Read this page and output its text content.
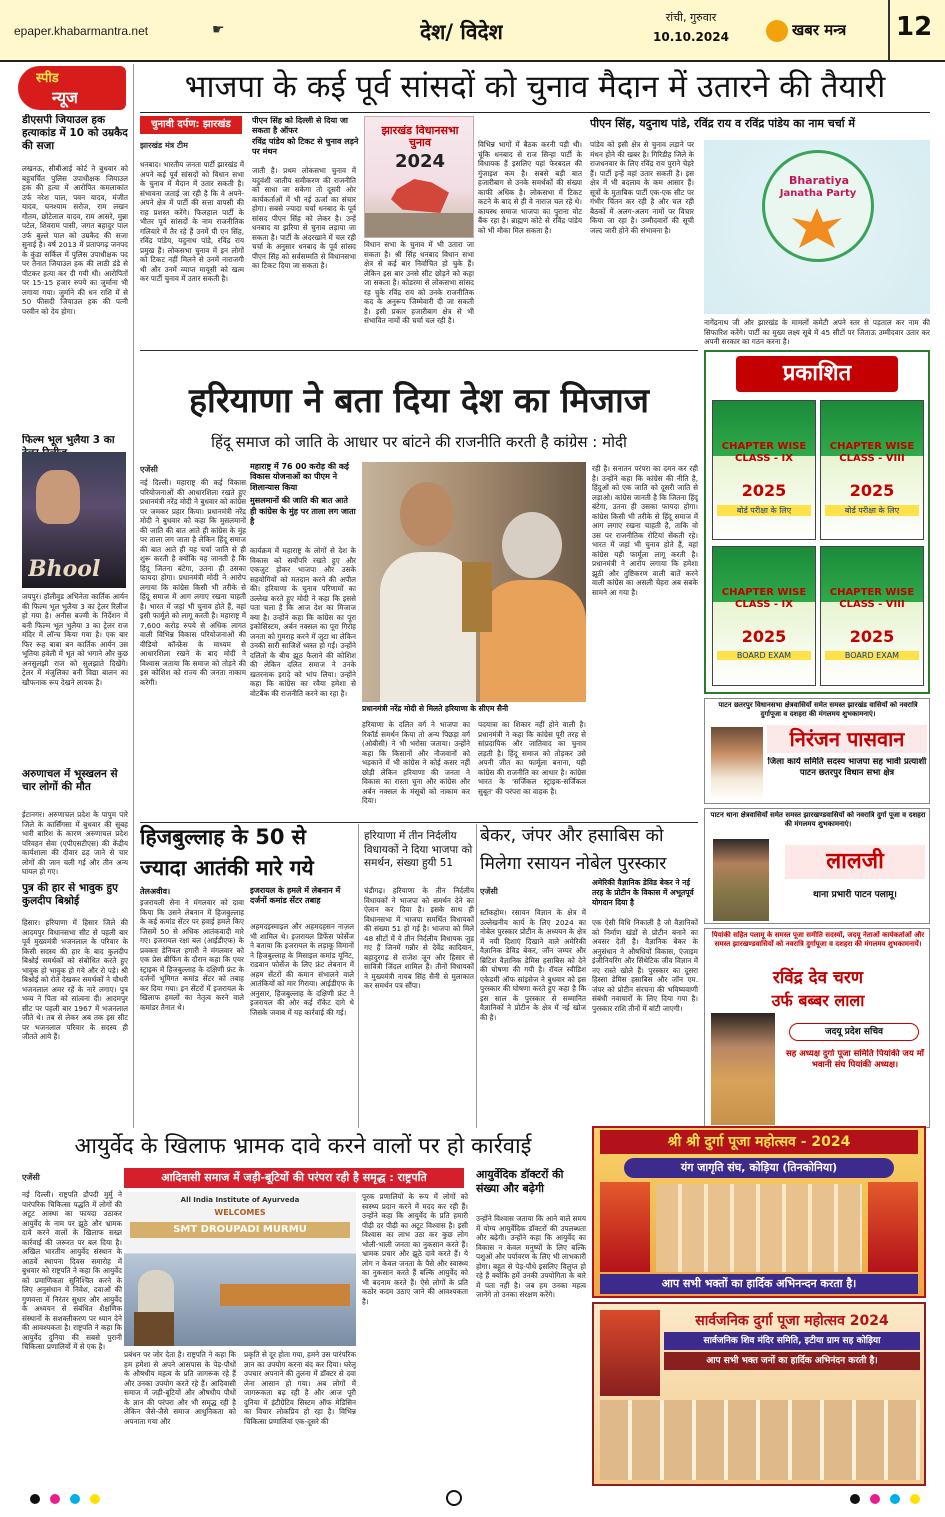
epaper.khabarmantra.net	☛	देश/ विदेश
रांची, गुरुवार
10.10.2024	खबर मन्त्र 12
स्पीड
न्यूज
डीएसपी जियाउल हक हत्याकांड में 10 को उम्रकैद की सजा
लखनऊ, सीबीआई कोर्ट ने बुधवार को बहुचर्चित पुलिस उपाधीक्षक जियाउल हक की हत्या में आरोपित कमलाकांत उर्फ नरेश पाल, पवन यादव, मंजीत यादव, घनश्याम सरोज, राम लखन गौतम, छोटेलाल यादव, राम आसरे, मुन्ना पटेल, शिवराम पासी, जगत बहादुर पाल उर्फ बुल्ले पाल को उम्रकैद की सजा सुनाई है। वर्ष 2013 में प्रतापगढ़ जनपद के कुंडा सर्किल में पुलिस उपाधीक्षक पद पर तैनात जियाउल हक की लाठी डंडे से पीटकर हत्या कर दी गयी थी। आरोपितों पर 15-15 हजार रुपये का जुर्माना भी लगाया गया। जुर्माने की धन राशि में से 50 फीसदी जियाउल हक की पत्नी परवीन को देय होगा।
फिल्म भूल भुलैया 3 का
Bhool
जयपुर। हॉलीवुड अभिनेता कार्तिक आर्यन की फिल्म भूल भुलैया 3 का ट्रेलर रिलीज हो गया है। अनीस बज्मी के निर्देशन में बनी फिल्म भूल भुलैया 3 का ट्रेलर राज मंदिर में लॉन्च किया गया है। एक बार फिर रूह बाबा बन कार्तिक आर्यन उस भूतिया हवेली में भूत को भगाने और कुछ अनसुलझी राज को सुलझाते दिखेंगे। ट्रेलर में मंजुलिका बनी विद्या बालन का खौफनाक रूप देखने लायक है।
अरुणाचल में भूस्खलन से चार लोगों की मौत
ईटानगर। अरुणाचल प्रदेश के पापुम पारे जिले के कार्सिंगसा में बुधवार की सुबह भारी बारिश के कारण अरुणाचल प्रदेश परिवहन सेवा (एपीएसटीएस) की केंद्रीय कार्यशाला की दीवार ढह जाने से चार लोगों की जान चली गई और तीन अन्य घायल हो गए।
पुत्र की हार से भावुक हुए कुलदीप बिश्नोई
हिसार। हरियाणा में हिसार जिले की आदमपुर विधानसभा सीट से पहली बार पूर्व मुख्यमंत्री भजनलाल के परिवार के किसी सदस्य की हार के बाद कुलदीप बिश्नोई समर्थकों को संबोधित करते हुए भावुक हो भावुक हो गये और रो पड़े। श्री बिश्नोई को रोते देखकर समर्थकों ने चौधरी भजनलाल अमर रहें के नारे लगाए। पुत्र भव्य ने पिता को सांत्वना दी। आदमपुर सीट पर पहली बार 1967 में भजनलाल जीते थे। तब से लेकर अब तक इस सीट पर भजनलाल परिवार के सदस्य ही जीतते आये हैं।
भाजपा के कई पूर्व सांसदों को चुनाव मैदान में उतारने की तैयारी
चुनावी दर्पण: झारखंड	पीएन सिंह को दिल्ली से दिया जा सकता है ऑफर
रविंद्र पांडेय को टिकट से चुनाव लड़ने पर मंथन
झारखंड मंत्र टीम
धनबाद। भारतीय जनता पार्टी झारखंड में अपने कई पूर्व सांसदों को विधान सभा के चुनाव में मैदान में उतार सकती है। संभावना जताई जा रही है कि वे अपने-अपने क्षेत्र में पार्टी की सत्ता वापसी की राह प्रशस्त करेंगे। फिलहाल पार्टी के भीतर पूर्व सांसदों के नाम राजनीतिक गलियारे में तैर रहे हैं उनमें पी एन सिंह, रविंद्र पांडेय, यदुनाथ पांडे, रविंद्र राय प्रमुख हैं। लोकसभा चुनाव में इन लोगों को टिकट नहीं मिलने से उनमें नाराजगी थी और उनमें व्याप्त मायूसी को खत्म कर पार्टी चुनाव में उतार सकती है।
जाती है। प्रथम लोकसभा चुनाव में यदुवंशी जातीय समीकरण की राजनीति को साधा जा सकेगा तो दूसरी ओर कार्यकर्ताओं में भी नई ऊर्जा का संचार होगा। सबसे ज्यादा चर्चा धनबाद के पूर्व सांसद पीएन सिंह को लेकर है। उन्हें धनबाद या झरिया से चुनाव लड़ाया जा सकता है। पार्टी के अंदरखाने में चल रही चर्चा के अनुसार धनबाद के पूर्व सांसद पीएन सिंह को सर्वसम्मति से विधानसभा का टिकट दिया जा सकता है।
झारखंड विधानसभा चुनाव
2024
विधान सभा के चुनाव में भी उतारा जा सकता है। श्री सिंह धनबाद विधान सभा क्षेत्र से कई बार निर्वाचित हो चुके हैं। लेकिन इस बार उनसे सीट छोड़ने को कहा जा सकता है। कोडरमा से लोकसभा सांसद रह चुके रविंद्र राय को उनके राजनीतिक कद के अनुरूप जिम्मेवारी दी जा सकती है। इसी प्रकार हजारीबाग क्षेत्र से भी संभावित नामों की चर्चा चल रही है।
विभिन्न भागों में बैठक करनी पड़ी थी। चूंकि धनबाद से राज सिन्हा पार्टी के विधायक हैं इसलिए यहां फेरबदल की गुंजाइश कम है। सबसे बड़ी बात हजारीबाग से उनके समर्थकों की संख्या काफी अधिक है। लोकसभा में टिकट कटने के बाद से ही वे नाराज चल रहे थे। कायस्थ समाज भाजपा का पुराना वोट बैंक रहा है। ब्राह्मण कोटे से रविंद्र पांडेय को भी मौका मिल सकता है।
पांडेय को इसी क्षेत्र से चुनाव लड़ाने पर मंथन होने की खबर है। गिरिडीह जिले के राजधनवार के लिए रविंद्र राय पुराने चेहरे हैं। पार्टी इन्हें वहां उतार सकती है। इस क्षेत्र में भी बदलाव के कम आसार हैं। सूत्रों के मुताबिक पार्टी एक-एक सीट पर गंभीर चिंतन कर रही है और चल रही बैठकों में अलग-अलग नामों पर विचार किया जा रहा है। उम्मीदवारों की सूची जल्द जारी होने की संभावना है।
पीएन सिंह, यदुनाथ पांडे, रविंद्र राय व रविंद्र पांडेय का नाम चर्चा में
Bharatiya
Janatha Party
नागेंद्रनाथ जी और झारखंड के मामलों कमेटी अपने स्तर से पड़ताल कर नाम की सिफारिश करेंगे। पार्टी का मुख्य लक्ष्य सूबे में 45 सीटों पर जिताऊ उम्मीदवार उतार कर अपनी सरकार का गठन करना है।
हरियाणा ने बता दिया देश का मिजाज
हिंदू समाज को जाति के आधार पर बांटने की राजनीति करती है कांग्रेस : मोदी
एजेंसी
नई दिल्ली। महाराष्ट्र की कई विकास परियोजनाओं की आधारशिला रखते हुए प्रधानमंत्री नरेंद्र मोदी ने बुधवार को कांग्रेस पर जमकर प्रहार किया। प्रधानमंत्री नरेंद्र मोदी ने बुधवार को कहा कि मुसलमानों की जाति की बात आते ही कांग्रेस के मुंह पर ताला लग जाता है लेकिन हिंदू समाज की बात आते ही यह चर्चा जाति से ही शुरू करती है क्योंकि यह जानती है कि हिंदू जितना बंटेगा, उतना ही उसका फायदा होगा। प्रधानमंत्री मोदी ने आरोप लगाया कि कांग्रेस किसी भी तरीके से हिंदू समाज में आग लगाए रखना चाहती है। भारत में जहां भी चुनाव होते हैं, वहां इसी फार्मूले को लागू करती है। महाराष्ट्र में 7,600 करोड़ रुपये से अधिक लागत वाली विभिन्न विकास परियोजनाओं की वीडियो कॉन्फ्रेंस के माध्यम से आधारशिला रखने के बाद मोदी ने विश्वास जताया कि समाज को तोड़ने की इस कोशिश को राज्य की जनता नाकाम करेगी।
महाराष्ट्र में 76 00 करोड़ की कई विकास योजनाओं का पीएम ने शिलान्यास किया
मुसलमानों की जाति की बात आते ही कांग्रेस के मुंह पर ताला लग जाता है
कार्यक्रम में महाराष्ट्र के लोगों से देश के विकास को सर्वोपरि रखते हुए और एकजुट होकर भाजपा और उसके सहयोगियों को मतदान करने की अपील की। हरियाणा के चुनाव परिणामों का उल्लेख करते हुए मोदी ने कहा कि इससे पता चला है कि आज देश का मिजाज क्या है। उन्होंने कहा कि कांग्रेस का पूरा इकोसिस्टम, अर्बन नक्सल का पूरा गिरोह जनता को गुमराह करने में जुटा था लेकिन उनकी सारी साजिशें ध्वस्त हो गईं। उन्होंने दलितों के बीच झूठ फैलाने की कोशिश की लेकिन दलित समाज ने उनके खतरनाक इरादे को भांप लिया। उन्होंने कहा कि कांग्रेस का रवैया हमेशा से वोटबैंक की राजनीति करने का रहा है।
प्रधानमंत्री नरेंद्र मोदी से मिलते हरियाणा के सीएम सैनी
हरियाणा के दलित वर्ग ने भाजपा का रिकॉर्ड समर्थन किया तो अन्य पिछड़ा वर्ग (ओबीसी) ने भी भरोसा जताया। उन्होंने कहा कि किसानों और नौजवानों को भड़काने में भी कांग्रेस ने कोई कसर नहीं छोड़ी लेकिन हरियाणा की जनता ने विकास का रास्ता चुना और कांग्रेस और अर्बन नक्सल के मंसूबों को नाकाम कर दिया।
पदयात्रा का शिकार नहीं होने वाली है। प्रधानमंत्री ने कहा कि कांग्रेस पूरी तरह से सांप्रदायिक और जातिवाद का चुनाव लड़ती है। हिंदू समाज को तोड़कर उसे अपनी जीत का फार्मूला बनाना, यही कांग्रेस की राजनीति का आधार है। कांग्रेस भारत के 'सर्जिकल स्ट्राइक-सर्जिकल सुबूत' की परंपरा का वाहक है।
रही है। सनातन परंपरा का दमन कर रही है। उन्होंने कहा कि कांग्रेस की नीति है, हिंदुओं को एक जाति को दूसरी जाति से लड़ाओ। कांग्रेस जानती है कि जितना हिंदू बंटेगा, उतना ही उसका फायदा होगा। कांग्रेस किसी भी तरीके से हिंदू समाज में आग लगाए रखना चाहती है, ताकि वो उस पर राजनीतिक रोटियां सेंकती रहे। भारत में जहां भी चुनाव होते हैं, वहां कांग्रेस यही फार्मूला लागू करती है। प्रधानमंत्री ने आरोप लगाया कि हमेशा झूठी और तुष्टिकरण वाली बातें करने वाली कांग्रेस का असली चेहरा अब सबके सामने आ गया है।
प्रकाशित
CHAPTER WISE CLASS - IX
2025
बोर्ड परीक्षा के लिए
CHAPTER WISE CLASS - VIII
2025
बोर्ड परीक्षा के लिए
CHAPTER WISE CLASS - IX
2025
BOARD EXAM
CHAPTER WISE CLASS - VIII
2025
BOARD EXAM
पाटन छतरपुर विधानसभा क्षेत्रवासियों समेत समस्त झारखंड वासियों को नवरात्रि दुर्गापूजा व दशहरा की मंगलमय शुभकामनाएं।
निरंजन पासवान
जिला कार्य समिति सदस्य भाजपा सह भावी प्रत्याशी पाटन छतरपुर विधान सभा क्षेत्र
पाटन थाना क्षेत्रवासियों समेत समस्त झारखण्डवासियों को नवरात्रि दुर्गा पूजा व दशहरा की मंगलमय शुभकामनाएं।
लालजी
थाना प्रभारी पाटन पलामू।
पियांकी सहित पलामू के समस्त पूजा समीति सदस्यों, जदयू नेताओं कार्यकर्ताओं और समस्त झारखण्डवासियों को नवरात्रि दुर्गापूजा व दशहरा की मंगलमय शुभकामनायें।
रविंद्र देव चरण
उर्फ बब्बर लाला
जदयू प्रदेश सचिव
सह अध्यक्ष दुर्गा पूजा समिति पियांकी जय माँ भवानी संघ पियांकी अध्यक्ष।
हिजबुल्लाह के 50 से
ज्यादा आतंकी मारे गये
तेलअवीव।
इजरायली सेना ने मंगलवार को दावा किया कि उसने लेबनान में हिजबुल्लाह के कई कमांड सेंटर पर हवाई हमले किए जिसमें 50 से अधिक आतंकवादी मारे गए। इजरायल रक्षा बल (आईडीएफ) के प्रवक्ता डेनियल हगारी ने मंगलवार को एक प्रेस ब्रीफिंग के दौरान कहा कि एयर स्ट्राइक में हिजबुल्लाह के दक्षिणी फ्रंट के दर्जनों भूमिगत कमांड सेंटर को तबाह कर दिया गया। इन सेंटरों में इजरायल के खिलाफ हमलों का नेतृत्व करने वाले कमांडर तैनात थे।
इजरायल के हमले में लेबनान में दर्जनों कमांड सेंटर तबाह
अहमदइस्माइल और अहमदहसन नाज़ल भी शामिल थे। इजरायल डिफेंस फोर्सेज ने बताया कि इजरायल के लड़ाकू विमानों ने हिजबुल्लाह के मिसाइल कमांड यूनिट, राडवान फोर्सेज के लिए फ्रंट लेबनान में अहम सेंटरों की कमान संभालने वाले आतंकियों को मार गिराया। आईडीएफ के अनुसार, हिजबुल्लाह के दक्षिणी फ्रंट ने इजरायल की ओर कई रॉकेट दागे थे जिसके जवाब में यह कार्रवाई की गई।
हरियाणा में तीन निर्दलीय विधायकों ने दिया भाजपा को समर्थन, संख्या हुयी 51
चंडीगढ़। हरियाणा के तीन निर्दलीय विधायकों ने भाजपा को समर्थन देने का ऐलान कर दिया है। इसके साथ ही विधानसभा में भाजपा समर्थित विधायकों की संख्या 51 हो गई है। भाजपा को मिले 48 सीटों में ये तीन निर्दलीय विधायक जुड़ गए हैं जिनमें गन्नौर से देवेंद्र कादियान, बहादुरगढ़ से राजेश जून और हिसार से सावित्री जिंदल शामिल हैं। तीनों विधायकों ने मुख्यमंत्री नायब सिंह सैनी से मुलाकात कर समर्थन पत्र सौंपा।
बेकर, जंपर और हसाबिस को
मिलेगा रसायन नोबेल पुरस्कार
एजेंसी
अमेरिकी वैज्ञानिक डेविड बेकर ने नई तरह के प्रोटीन के विकास में अभूतपूर्व योगदान दिया है
स्टॉकहोम। रसायन विज्ञान के क्षेत्र में उल्लेखनीय कार्य के लिए 2024 का नोबेल पुरस्कार प्रोटीन के अध्ययन के क्षेत्र में नयी दिशाएं दिखाने वाले अमेरिकी वैज्ञानिक डेविड बेकर, जॉन जम्पर और ब्रिटिश वैज्ञानिक डेमिस हसाबिस को देने की घोषणा की गयी है। रॉयल स्वीडिश एकेडमी ऑफ सांइसेज ने बुधवार को इस पुरस्कार की घोषणा करते हुए कहा है कि इस साल के पुरस्कार से सम्मानित वैज्ञानिकों ने प्रोटीन के क्षेत्र में नई खोज की है।
एक ऐसी विधि निकाली है जो वैज्ञानिकों को निर्माण खंडों से प्रोटीन बनाने का अवसर देती है। वैज्ञानिक बेकर के अनुसंधान ने औषधियों विकास, एंजाइम इंजीनियरिंग और सिंथेटिक जीव विज्ञान में नए रास्ते खोले हैं। पुरस्कार का दूसरा हिस्सा डेमिस हसाबिस और जॉन एम. जंपर को प्रोटीन संरचना की भविष्यवाणी संबंधी नवाचारों के लिए दिया गया है। पुरस्कार राशि तीनों में बांटी जाएगी।
आयुर्वेद के खिलाफ भ्रामक दावे करने वालों पर हो कार्रवाई
एजेंसी
नई दिल्ली। राष्ट्रपति द्रौपदी मुर्मु ने पारंपरिक चिकित्सा पद्धति में लोगों की अटूट आस्था का फायदा उठाकर आयुर्वेद के नाम पर झूठे और भ्रामक दावे करने वालों के खिलाफ सख्त कार्रवाई की जरूरत पर बल दिया है। अखिल भारतीय आयुर्वेद संस्थान के आठवें स्थापना दिवस समारोह में बुधवार को राष्ट्रपति ने कहा कि आयुर्वेद को प्रमाणिकता सुनिश्चित करने के लिए अनुसंधान में निवेश, दवाओं की गुणवत्ता में निरंतर सुधार और आयुर्वेद के अध्ययन से संबंधित शैक्षणिक संस्थानों के सशक्तीकरण पर ध्यान देने की आवश्यकता है। राष्ट्रपति ने कहा कि आयुर्वेद दुनिया की सबसे पुरानी चिकित्सा प्रणालियों में से एक है।
आदिवासी समाज में जड़ी-बूटियों की परंपरा रही है समृद्ध : राष्ट्रपति
All India Institute of Ayurveda
WELCOMES
SMT DROUPADI MURMU
प्रबंधन पर जोर देता है। राष्ट्रपति ने कहा कि हम हमेशा से अपने आसपास के पेड़-पौधों के औषधीय महत्व के प्रति जागरूक रहे हैं और उनका उपयोग करते रहे हैं। आदिवासी समाज में जड़ी-बूटियों और औषधीय पौधों के ज्ञान की परंपरा और भी समृद्ध रही है लेकिन जैसे-जैसे समाज आधुनिकता को अपनाता गया और
प्रकृति से दूर होता गया, हमने उस पारंपरिक ज्ञान का उपयोग करना बंद कर दिया। घरेलू उपचार अपनाने की तुलना में डॉक्टर से दवा लेना आसान हो गया। अब लोगों में जागरूकता बढ़ रही है और आज पूरी दुनिया में इंटीग्रेटिव सिस्टम ऑफ मेडिसिन का विचार लोकप्रिय हो रहा है। विभिन्न चिकित्सा प्रणालियां एक-दूसरे की
पूरक प्रणालियों के रूप में लोगों को स्वस्थ्य प्रदान करने में मदद कर रही हैं। उन्होंने कहा कि आयुर्वेद के प्रति हमारी पीढ़ी दर पीढ़ी का अटूट विश्वास है। इसी विश्वास का लाभ उठा कर कुछ लोग भोली-भाली जनता का नुकसान करते हैं। भ्रामक प्रचार और झूठे दावे करते हैं। ये लोग न केवल जनता के पैसे और स्वास्थ्य का नुकसान करते हैं बल्कि आयुर्वेद को भी बदनाम करते हैं। ऐसे लोगों के प्रति कठोर कदम उठाए जाने की आवश्यकता है।
आयुर्वेदिक डॉक्टरों की संख्या और बढ़ेगी
उन्होंने विश्वास जताया कि आने वाले समय में योग्य आयुर्वेदिक डॉक्टरों की उपलब्धता और बढ़ेगी। उन्होंने कहा कि आयुर्वेद का विकास न केवल मनुष्यों के लिए बल्कि पशुओं और पर्यावरण के लिए भी लाभकारी होगा। बहुत से पेड़-पौधे इसलिए विलुप्त हो रहे हैं क्योंकि हमें उनकी उपयोगिता के बारे में पता नहीं है। जब हम उनका महत्व जानेंगे तो उनका संरक्षण करेंगे।
श्री श्री दुर्गा पूजा महोत्सव - 2024
यंग जागृति संघ, कोड़िया (तिनकोनिया)
आप सभी भक्तों का हार्दिक अभिनन्दन करता है।
सार्वजनिक दुर्गा पूजा महोत्सव 2024
सार्वजनिक शिव मंदिर समिति, इटीया ग्राम सह कोड़िया
आप सभी भक्त जनों का हार्दिक अभिनंदन करती है।
